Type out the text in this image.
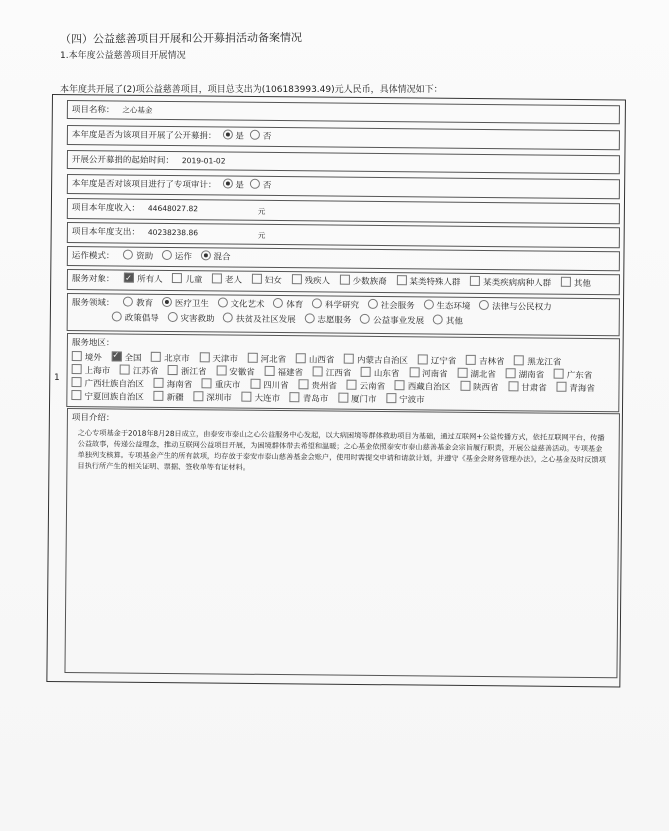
（四）公益慈善项目开展和公开募捐活动备案情况
1.本年度公益慈善项目开展情况
本年度共开展了(2)项公益慈善项目，项目总支出为(106183993.49)元人民币，具体情况如下：
1
项目名称： 之心基金
本年度是否为该项目开展了公开募捐： 是 否
开展公开募捐的起始时间： 2019-01-02
本年度是否对该项目进行了专项审计： 是 否
项目本年度收入： 44648027.82	元
项目本年度支出： 40238238.86	元
运作模式：	资助	运作	混合
服务对象： ✓	所有人	儿童	老人	妇女	残疾人	少数族裔	某类特殊人群	某类疾病病种人群	其他
服务领域：	教育	医疗卫生	文化艺术	体育	科学研究	社会服务	生态环境	法律与公民权力
政策倡导	灾害救助	扶贫及社区发展	志愿服务	公益事业发展	其他
服务地区：
境外 ✓	全国	北京市	天津市	河北省	山西省	内蒙古自治区	辽宁省	吉林省	黑龙江省
上海市	江苏省	浙江省	安徽省	福建省	江西省	山东省	河南省	湖北省	湖南省	广东省
广西壮族自治区	海南省	重庆市	四川省	贵州省	云南省	西藏自治区	陕西省	甘肃省	青海省
宁夏回族自治区	新疆	深圳市	大连市	青岛市	厦门市	宁波市
项目介绍：
之心专项基金于2018年8月28日成立，由泰安市泰山之心公益服务中心发起，以大病困境等群体救助项目为基础，通过互联网+公益传播方式，依托互联网平台，传播公益故事，传递公益理念，推动互联网公益项目开展，为困境群体带去希望和温暖；之心基金依照泰安市泰山慈善基金会宗旨履行职责，开展公益慈善活动。专项基金单独列支核算。专项基金产生的所有款项，均存放于泰安市泰山慈善基金会账户，使用时需提交申请和请款计划，并遵守《基金会财务管理办法》，之心基金及时反馈项目执行所产生的相关证明、票据、签收单等有证材料。
